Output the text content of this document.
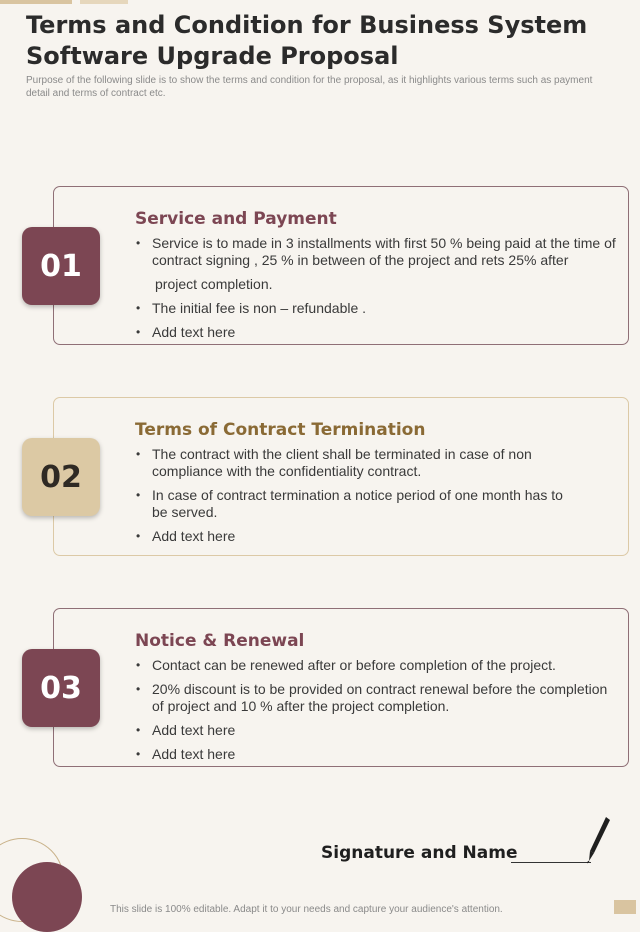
Terms and Condition for Business System Software Upgrade Proposal
Purpose of the following slide is to show the terms and condition for the proposal, as it highlights various terms such as payment detail and terms of contract etc.
Service and Payment
• Service is to made in 3 installments with first 50 % being paid at the time of contract signing , 25 % in between of the project and rets 25% after
project completion.
• The initial fee is non – refundable .
• Add text here
01
Terms of Contract Termination
• The contract with the client shall be terminated in case of non compliance with the confidentiality contract.
• In case of contract termination a notice period of one month has to be served.
• Add text here
02
Notice & Renewal
• Contact can be renewed after or before completion of the project.
• 20% discount is to be provided on contract renewal before the completion of project and 10 % after the project completion.
• Add text here
• Add text here
03
Signature and Name
This slide is 100% editable. Adapt it to your needs and capture your audience's attention.
